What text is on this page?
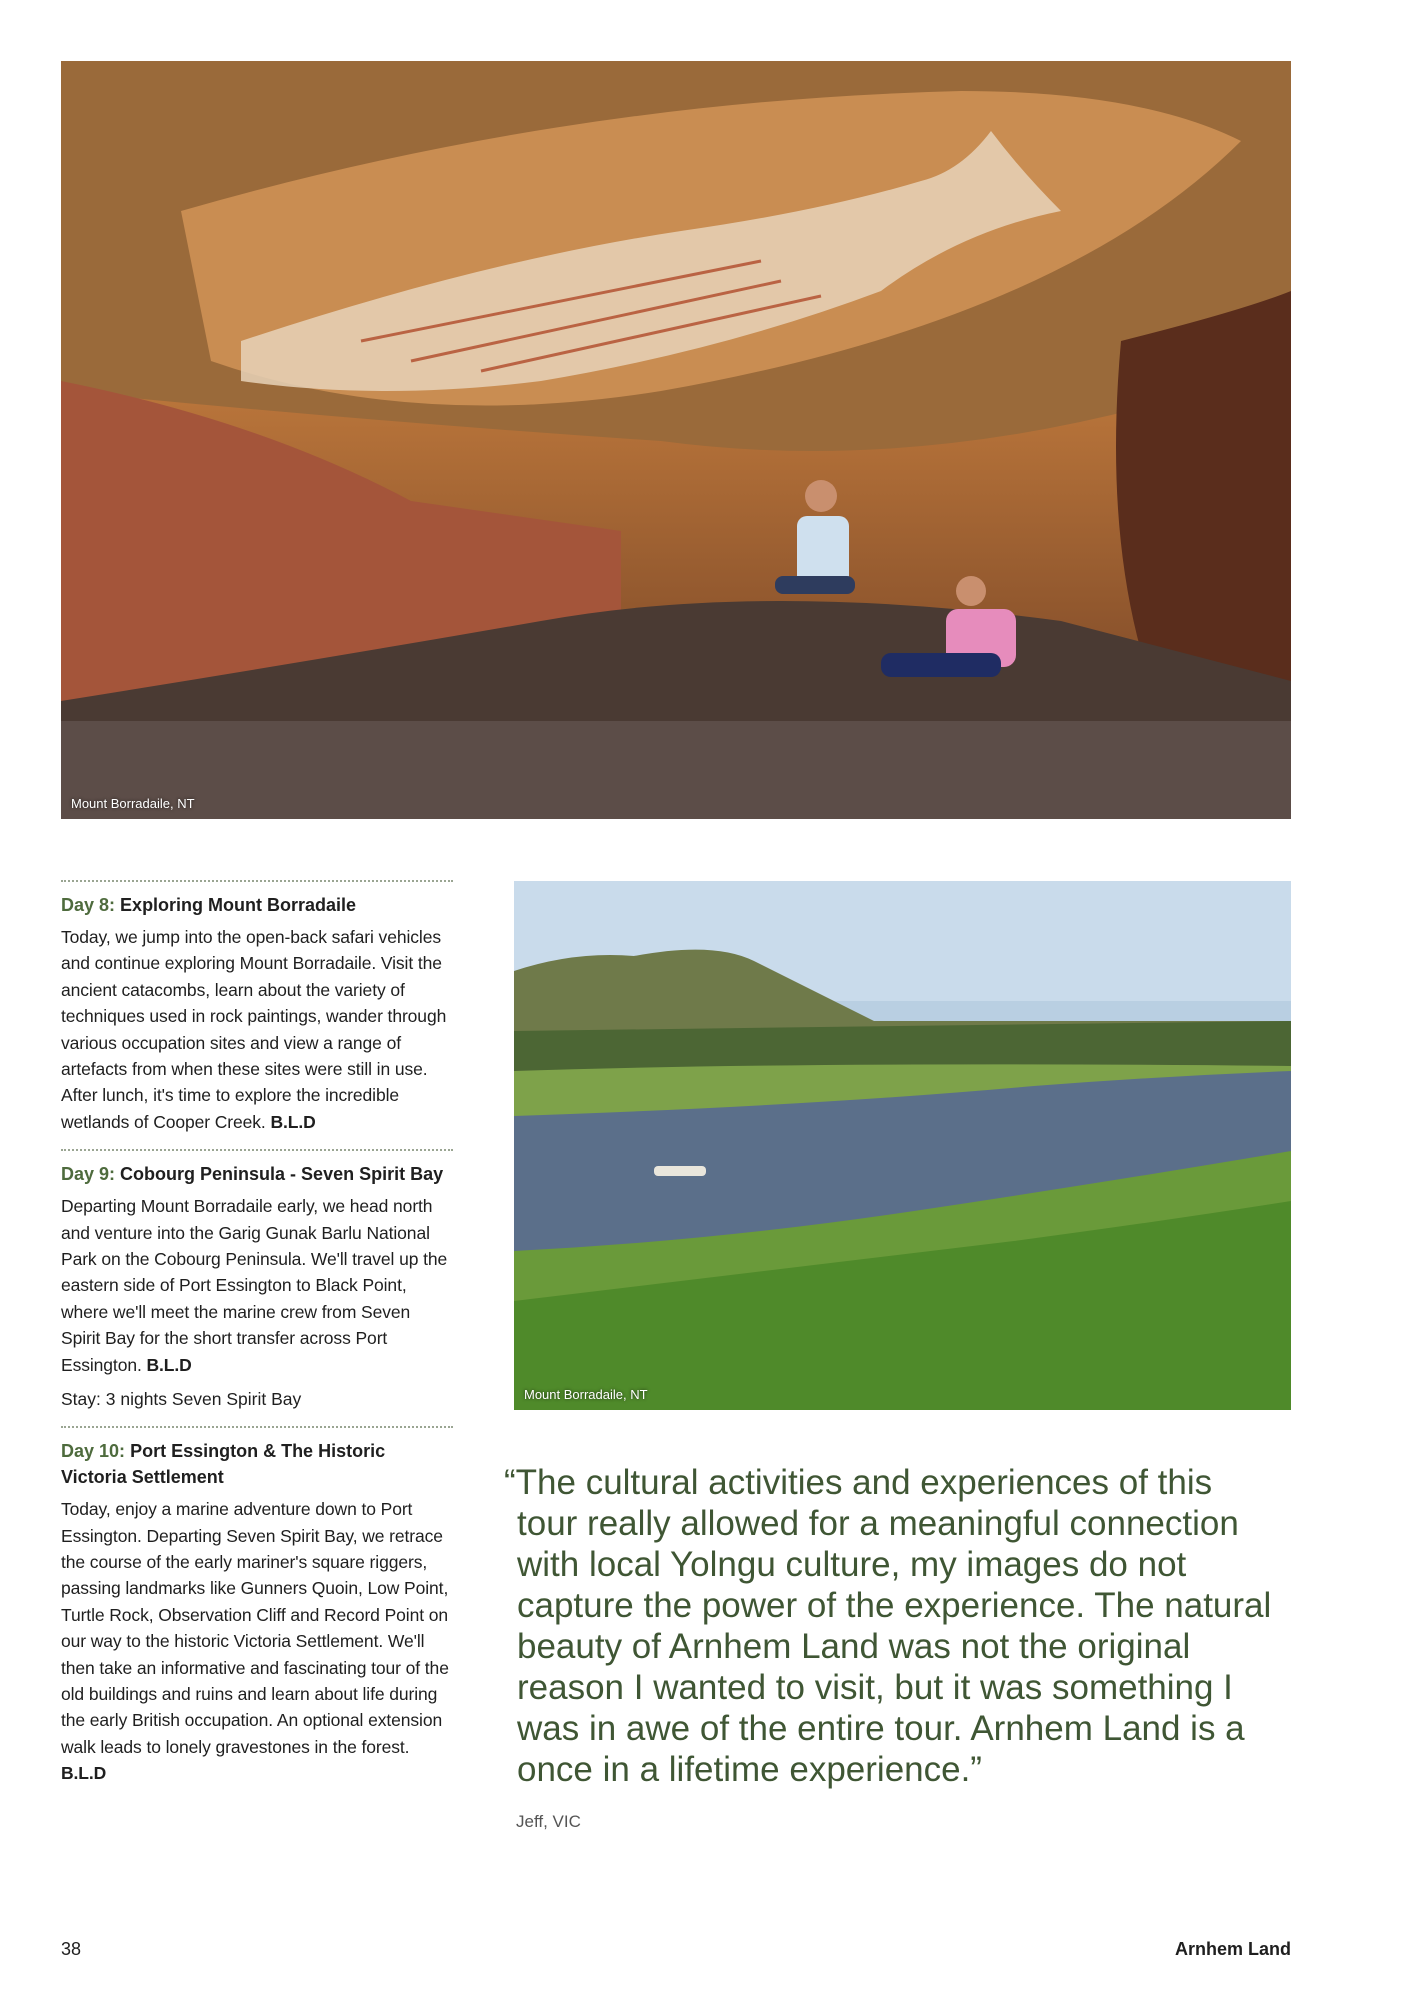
Mount Borradaile, NT

Day 8: Exploring Mount Borradaile

Today, we jump into the open-back safari vehicles and continue exploring Mount Borradaile. Visit the ancient catacombs, learn about the variety of techniques used in rock paintings, wander through various occupation sites and view a range of artefacts from when these sites were still in use. After lunch, it's time to explore the incredible wetlands of Cooper Creek. B.L.D

Day 9: Cobourg Peninsula - Seven Spirit Bay

Departing Mount Borradaile early, we head north and venture into the Garig Gunak Barlu National Park on the Cobourg Peninsula. We'll travel up the eastern side of Port Essington to Black Point, where we'll meet the marine crew from Seven Spirit Bay for the short transfer across Port Essington. B.L.D

Stay: 3 nights Seven Spirit Bay

Day 10: Port Essington & The Historic Victoria Settlement

Today, enjoy a marine adventure down to Port Essington. Departing Seven Spirit Bay, we retrace the course of the early mariner's square riggers, passing landmarks like Gunners Quoin, Low Point, Turtle Rock, Observation Cliff and Record Point on our way to the historic Victoria Settlement. We'll then take an informative and fascinating tour of the old buildings and ruins and learn about life during the early British occupation. An optional extension walk leads to lonely gravestones in the forest. B.L.D

Mount Borradaile, NT

“The cultural activities and experiences of this
tour really allowed for a meaningful connection
with local Yolngu culture, my images do not
capture the power of the experience. The natural
beauty of Arnhem Land was not the original
reason I wanted to visit, but it was something I
was in awe of the entire tour. Arnhem Land is a
once in a lifetime experience.”

Jeff, VIC
38	Arnhem Land
